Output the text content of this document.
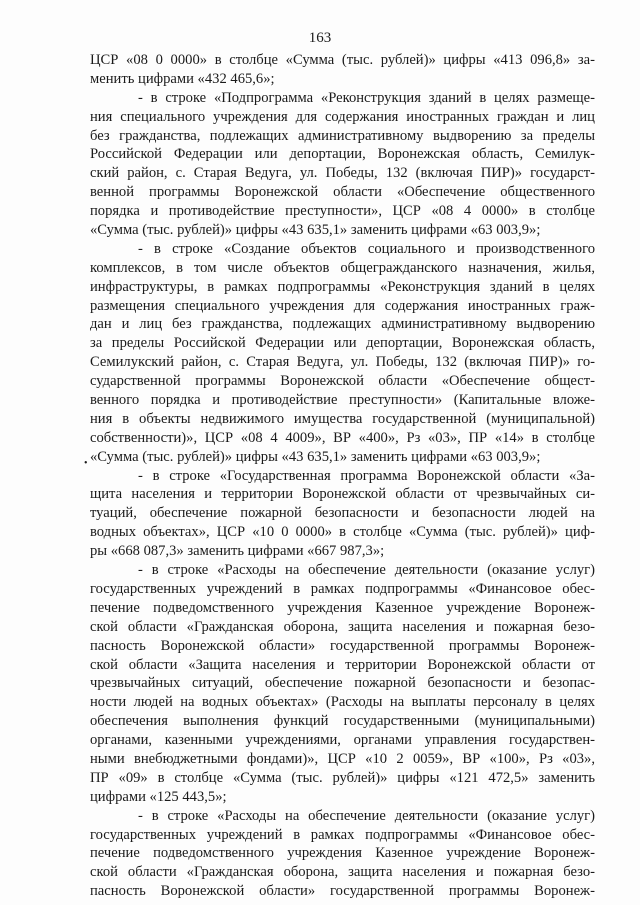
163
•
ЦСР «08 0 0000» в столбце «Сумма (тыс. рублей)» цифры «413 096,8» за-
менить цифрами «432 465,6»;
- в строке «Подпрограмма «Реконструкция зданий в целях размеще-
ния специального учреждения для содержания иностранных граждан и лиц
без гражданства, подлежащих административному выдворению за пределы
Российской Федерации или депортации, Воронежская область, Семилук-
ский район, с. Старая Ведуга, ул. Победы, 132 (включая ПИР)» государст-
венной программы Воронежской области «Обеспечение общественного
порядка и противодействие преступности», ЦСР «08 4 0000» в столбце
«Сумма (тыс. рублей)» цифры «43 635,1» заменить цифрами «63 003,9»;
- в строке «Создание объектов социального и производственного
комплексов, в том числе объектов общегражданского назначения, жилья,
инфраструктуры, в рамках подпрограммы «Реконструкция зданий в целях
размещения специального учреждения для содержания иностранных граж-
дан и лиц без гражданства, подлежащих административному выдворению
за пределы Российской Федерации или депортации, Воронежская область,
Семилукский район, с. Старая Ведуга, ул. Победы, 132 (включая ПИР)» го-
сударственной программы Воронежской области «Обеспечение общест-
венного порядка и противодействие преступности» (Капитальные вложе-
ния в объекты недвижимого имущества государственной (муниципальной)
собственности)», ЦСР «08 4 4009», ВР «400», Рз «03», ПР «14» в столбце
«Сумма (тыс. рублей)» цифры «43 635,1» заменить цифрами «63 003,9»;
- в строке «Государственная программа Воронежской области «За-
щита населения и территории Воронежской области от чрезвычайных си-
туаций, обеспечение пожарной безопасности и безопасности людей на
водных объектах», ЦСР «10 0 0000» в столбце «Сумма (тыс. рублей)» циф-
ры «668 087,3» заменить цифрами «667 987,3»;
- в строке «Расходы на обеспечение деятельности (оказание услуг)
государственных учреждений в рамках подпрограммы «Финансовое обес-
печение подведомственного учреждения Казенное учреждение Воронеж-
ской области «Гражданская оборона, защита населения и пожарная безо-
пасность Воронежской области» государственной программы Воронеж-
ской области «Защита населения и территории Воронежской области от
чрезвычайных ситуаций, обеспечение пожарной безопасности и безопас-
ности людей на водных объектах» (Расходы на выплаты персоналу в целях
обеспечения выполнения функций государственными (муниципальными)
органами, казенными учреждениями, органами управления государствен-
ными внебюджетными фондами)», ЦСР «10 2 0059», ВР «100», Рз «03»,
ПР «09» в столбце «Сумма (тыс. рублей)» цифры «121 472,5» заменить
цифрами «125 443,5»;
- в строке «Расходы на обеспечение деятельности (оказание услуг)
государственных учреждений в рамках подпрограммы «Финансовое обес-
печение подведомственного учреждения Казенное учреждение Воронеж-
ской области «Гражданская оборона, защита населения и пожарная безо-
пасность Воронежской области» государственной программы Воронеж-
